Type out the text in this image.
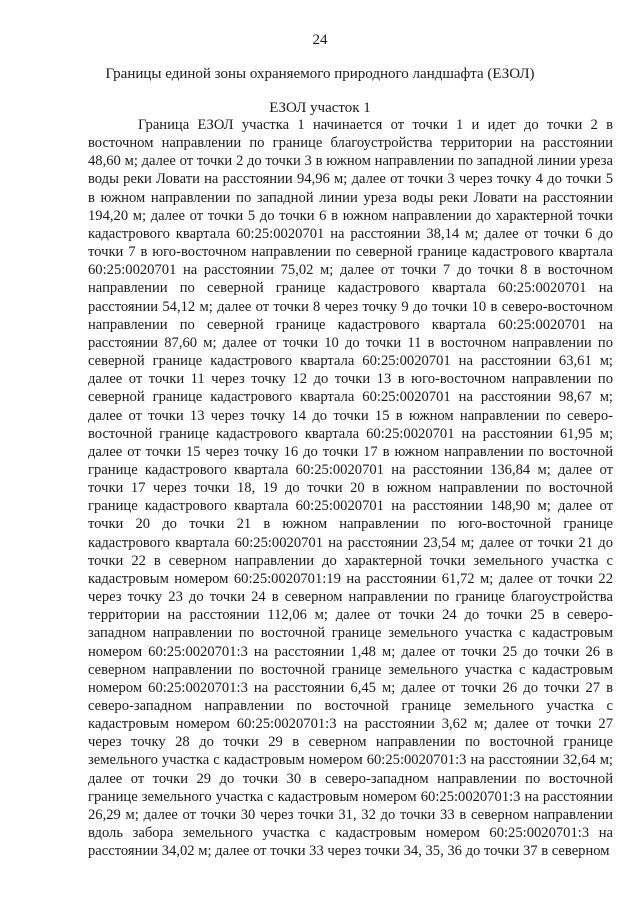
24
Границы единой зоны охраняемого природного ландшафта (ЕЗОЛ)
ЕЗОЛ участок 1

Граница ЕЗОЛ участка 1 начинается от точки 1 и идет до точки 2 в восточном направлении по границе благоустройства территории на расстоянии 48,60 м; далее от точки 2 до точки 3 в южном направлении по западной линии уреза воды реки Ловати на расстоянии 94,96 м; далее от точки 3 через точку 4 до точки 5 в южном направлении по западной линии уреза воды реки Ловати на расстоянии 194,20 м; далее от точки 5 до точки 6 в южном направлении до характерной точки кадастрового квартала 60:25:0020701 на расстоянии 38,14 м; далее от точки 6 до точки 7 в юго-восточном направлении по северной границе кадастрового квартала 60:25:0020701 на расстоянии 75,02 м; далее от точки 7 до точки 8 в восточном направлении по северной границе кадастрового квартала 60:25:0020701 на расстоянии 54,12 м; далее от точки 8 через точку 9 до точки 10 в северо-восточном направлении по северной границе кадастрового квартала 60:25:0020701 на расстоянии 87,60 м; далее от точки 10 до точки 11 в восточном направлении по северной границе кадастрового квартала 60:25:0020701 на расстоянии 63,61 м; далее от точки 11 через точку 12 до точки 13 в юго-восточном направлении по северной границе кадастрового квартала 60:25:0020701 на расстоянии 98,67 м; далее от точки 13 через точку 14 до точки 15 в южном направлении по северо-восточной границе кадастрового квартала 60:25:0020701 на расстоянии 61,95 м; далее от точки 15 через точку 16 до точки 17 в южном направлении по восточной границе кадастрового квартала 60:25:0020701 на расстоянии 136,84 м; далее от точки 17 через точки 18, 19 до точки 20 в южном направлении по восточной границе кадастрового квартала 60:25:0020701 на расстоянии 148,90 м; далее от точки 20 до точки 21 в южном направлении по юго-восточной границе кадастрового квартала 60:25:0020701 на расстоянии 23,54 м; далее от точки 21 до точки 22 в северном направлении до характерной точки земельного участка с кадастровым номером 60:25:0020701:19 на расстоянии 61,72 м; далее от точки 22 через точку 23 до точки 24 в северном направлении по границе благоустройства территории на расстоянии 112,06 м; далее от точки 24 до точки 25 в северо-западном направлении по восточной границе земельного участка с кадастровым номером 60:25:0020701:3 на расстоянии 1,48 м; далее от точки 25 до точки 26 в северном направлении по восточной границе земельного участка с кадастровым номером 60:25:0020701:3 на расстоянии 6,45 м; далее от точки 26 до точки 27 в северо-западном направлении по восточной границе земельного участка с кадастровым номером 60:25:0020701:3 на расстоянии 3,62 м; далее от точки 27 через точку 28 до точки 29 в северном направлении по восточной границе земельного участка с кадастровым номером 60:25:0020701:3 на расстоянии 32,64 м; далее от точки 29 до точки 30 в северо-западном направлении по восточной границе земельного участка с кадастровым номером 60:25:0020701:3 на расстоянии 26,29 м; далее от точки 30 через точки 31, 32 до точки 33 в северном направлении вдоль забора земельного участка с кадастровым номером 60:25:0020701:3 на расстоянии 34,02 м; далее от точки 33 через точки 34, 35, 36 до точки 37 в северном
